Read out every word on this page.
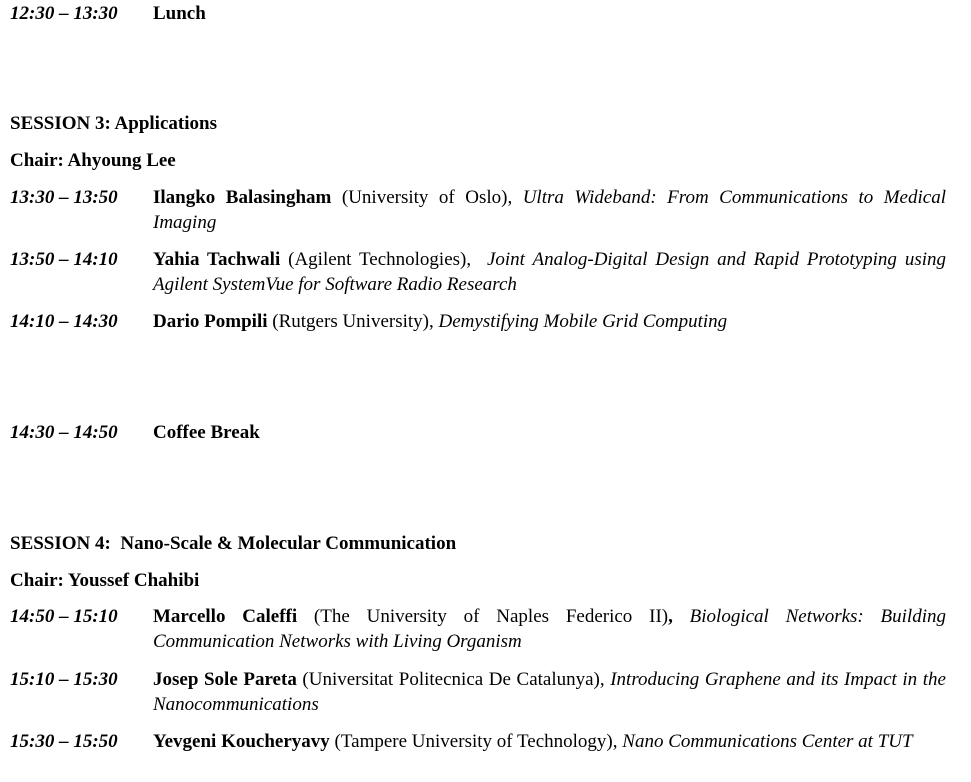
12:30 – 13:30 Lunch
SESSION 3: Applications
Chair: Ahyoung Lee
13:30 – 13:50 Ilangko Balasingham (University of Oslo), Ultra Wideband: From Communications to Medical Imaging
13:50 – 14:10 Yahia Tachwali (Agilent Technologies),  Joint Analog-Digital Design and Rapid Prototyping using Agilent SystemVue for Software Radio Research
14:10 – 14:30 Dario Pompili (Rutgers University), Demystifying Mobile Grid Computing
14:30 – 14:50 Coffee Break
SESSION 4:  Nano-Scale & Molecular Communication
Chair: Youssef Chahibi
14:50 – 15:10 Marcello Caleffi (The University of Naples Federico II), Biological Networks: Building Communication Networks with Living Organism
15:10 – 15:30 Josep Sole Pareta (Universitat Politecnica De Catalunya), Introducing Graphene and its Impact in the Nanocommunications
15:30 – 15:50 Yevgeni Koucheryavy (Tampere University of Technology), Nano Communications Center at TUT
